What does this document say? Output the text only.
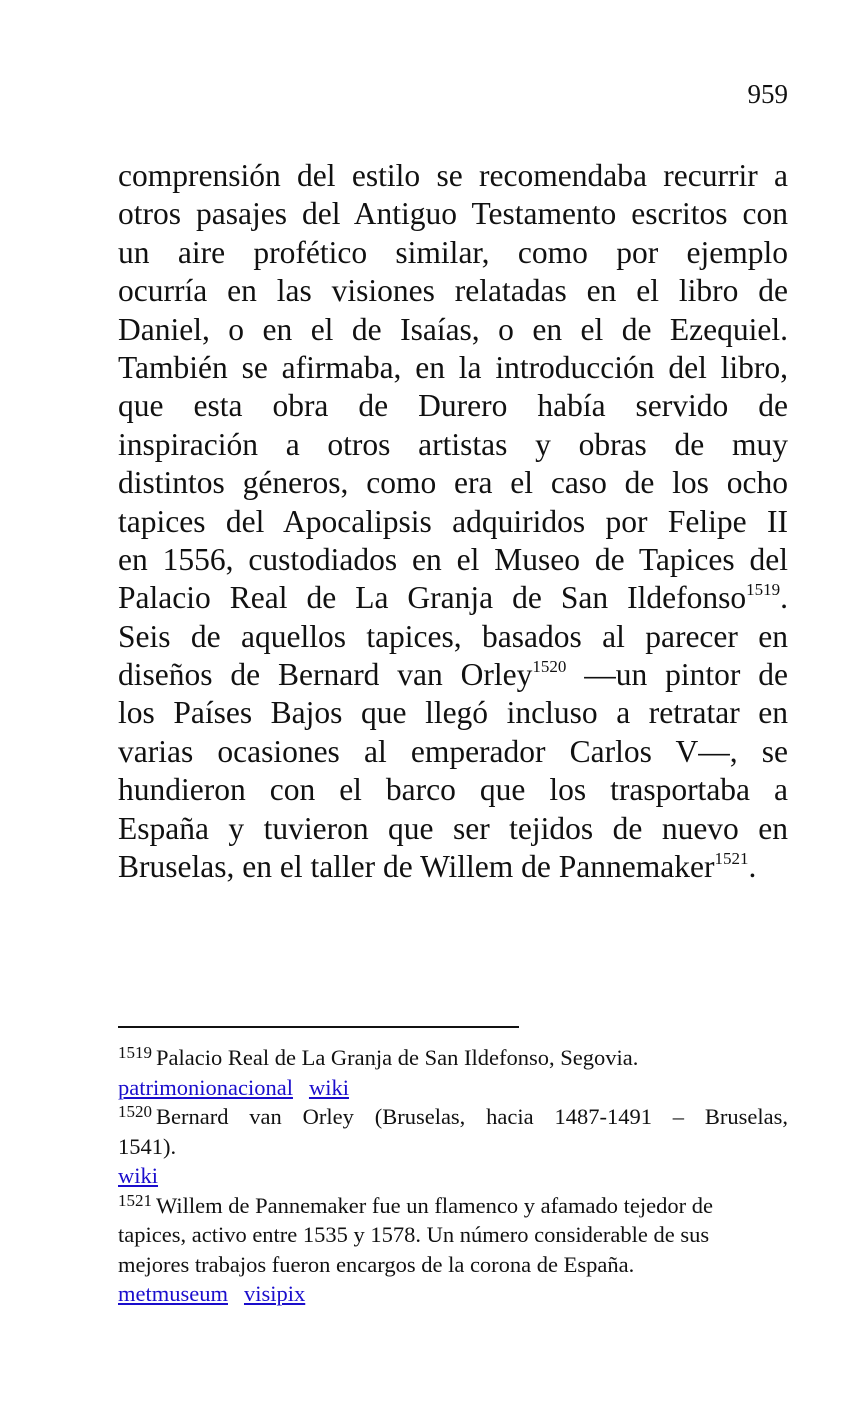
959
comprensión del estilo se recomendaba recurrir a
otros pasajes del Antiguo Testamento escritos con
un aire profético similar, como por ejemplo
ocurría en las visiones relatadas en el libro de
Daniel, o en el de Isaías, o en el de Ezequiel.
También se afirmaba, en la introducción del libro,
que esta obra de Durero había servido de
inspiración a otros artistas y obras de muy
distintos géneros, como era el caso de los ocho
tapices del Apocalipsis adquiridos por Felipe II
en 1556, custodiados en el Museo de Tapices del
Palacio Real de La Granja de San Ildefonso$^{1519}$.
Seis de aquellos tapices, basados al parecer en
diseños de Bernard van Orley$^{1520}$ —un pintor de
los Países Bajos que llegó incluso a retratar en
varias ocasiones al emperador Carlos V—, se
hundieron con el barco que los trasportaba a
España y tuvieron que ser tejidos de nuevo en
Bruselas, en el taller de Willem de Pannemaker$^{1521}$.
$^{1519}$ Palacio Real de La Granja de San Ildefonso, Segovia.
patrimonionacional wiki
$^{1520}$ Bernard van Orley (Bruselas, hacia 1487-1491 – Bruselas,
1541).
wiki
$^{1521}$ Willem de Pannemaker fue un flamenco y afamado tejedor de
tapices, activo entre 1535 y 1578. Un número considerable de sus
mejores trabajos fueron encargos de la corona de España.
metmuseum visipix
